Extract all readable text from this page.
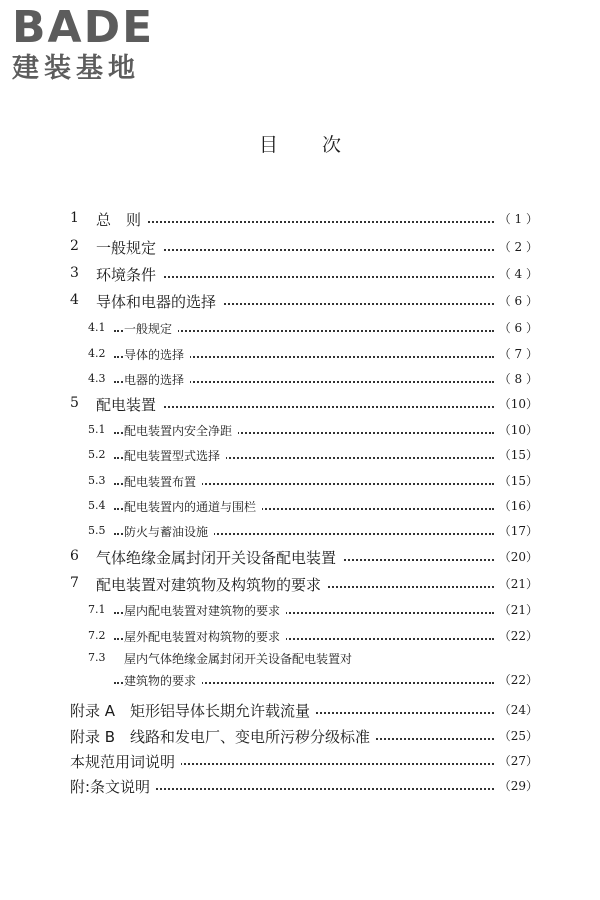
BADE
建装基地
目次
1 总　则	（ 1 ）
2 一般规定	（ 2 ）
3 环境条件	（ 4 ）
4 导体和电器的选择	（ 6 ）
4.1 一般规定	（ 6 ）
4.2 导体的选择	（ 7 ）
4.3 电器的选择	（ 8 ）
5 配电装置	（10）
5.1 配电装置内安全净距	（10）
5.2 配电装置型式选择	（15）
5.3 配电装置布置	（15）
5.4 配电装置内的通道与围栏	（16）
5.5 防火与蓄油设施	（17）
6 气体绝缘金属封闭开关设备配电装置	（20）
7 配电装置对建筑物及构筑物的要求	（21）
7.1 屋内配电装置对建筑物的要求	（21）
7.2 屋外配电装置对构筑物的要求	（22）
7.3 屋内气体绝缘金属封闭开关设备配电装置对
建筑物的要求	（22）
附录 A　矩形铝导体长期允许载流量	（24）
附录 B　线路和发电厂、变电所污秽分级标准	（25）
本规范用词说明	（27）
附:条文说明	（29）
